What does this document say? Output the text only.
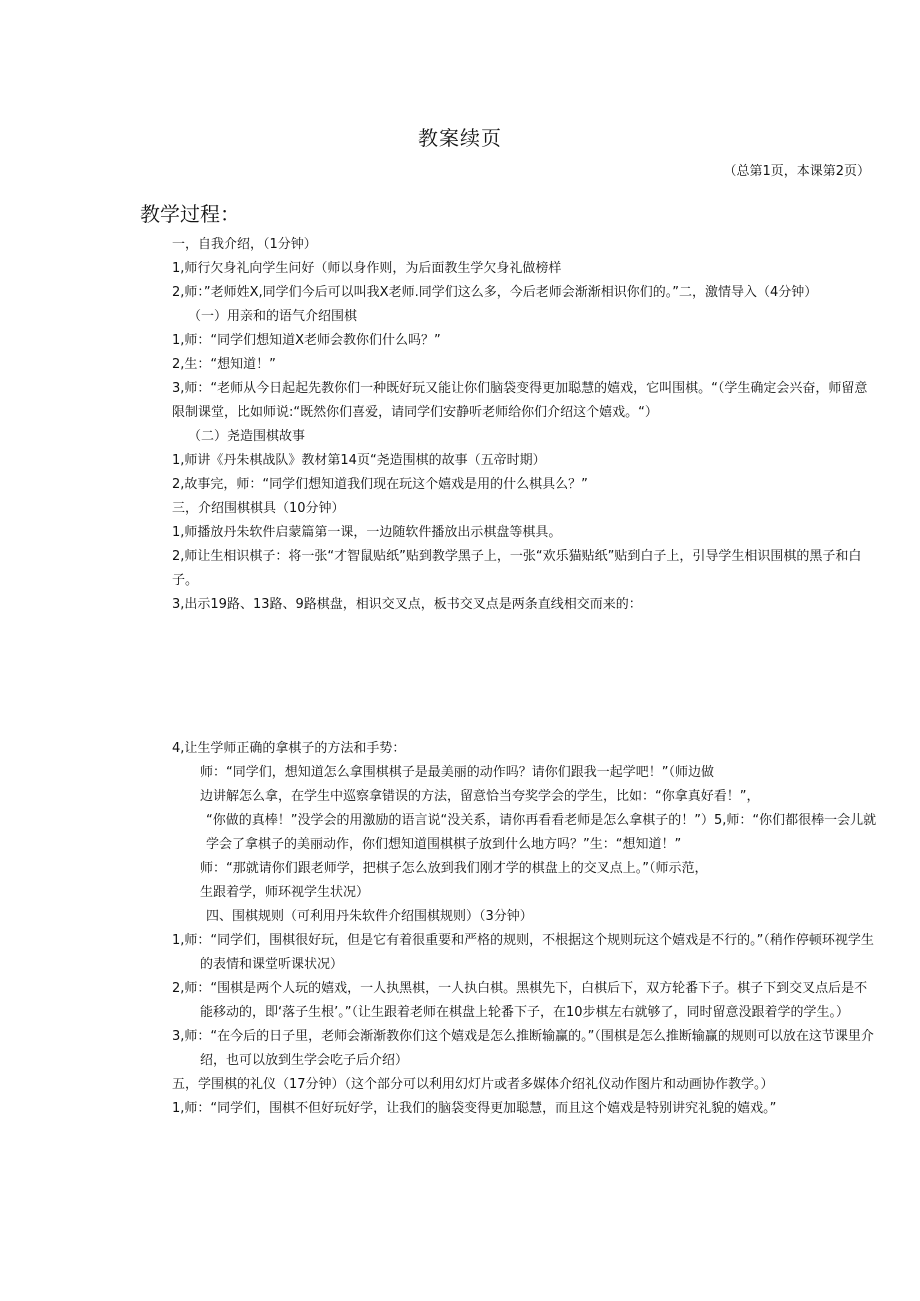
教案续页
（总第1页，本课第2页）
教学过程：

一，自我介绍，（1分钟）

1,师行欠身礼向学生问好（师以身作则，为后面教生学欠身礼做榜样

2,师：”老师姓X,同学们今后可以叫我X老师.同学们这么多，今后老师会渐渐相识你们的。”二，激情导入（4分钟）

（一）用亲和的语气介绍围棋

1,师：“同学们想知道X老师会教你们什么吗？”

2,生：“想知道！”

3,师：“老师从今日起起先教你们一种既好玩又能让你们脑袋变得更加聪慧的嬉戏，它叫围棋。“（学生确定会兴奋，师留意限制课堂，比如师说:“既然你们喜爱，请同学们安静听老师给你们介绍这个嬉戏。“）

（二）尧造围棋故事

1,师讲《丹朱棋战队》教材第14页“尧造围棋的故事（五帝时期）

2,故事完，师：“同学们想知道我们现在玩这个嬉戏是用的什么棋具么？”

三，介绍围棋棋具（10分钟）

1,师播放丹朱软件启蒙篇第一课，一边随软件播放出示棋盘等棋具。

2,师让生相识棋子：将一张“才智鼠贴纸”贴到教学黑子上，一张“欢乐猫贴纸”贴到白子上，引导学生相识围棋的黑子和白子。

3,出示19路、13路、9路棋盘，相识交叉点，板书交叉点是两条直线相交而来的：

4,让生学师正确的拿棋子的方法和手势：

师：“同学们，想知道怎么拿围棋棋子是最美丽的动作吗？请你们跟我一起学吧！”（师边做

边讲解怎么拿，在学生中巡察拿错误的方法，留意恰当夸奖学会的学生，比如：“你拿真好看！”，

“你做的真棒！”没学会的用激励的语言说“没关系，请你再看看老师是怎么拿棋子的！”）5,师：“你们都很棒一会儿就学会了拿棋子的美丽动作，你们想知道围棋棋子放到什么地方吗？”生：“想知道！”

师：“那就请你们跟老师学，把棋子怎么放到我们刚才学的棋盘上的交叉点上。”（师示范，

生跟着学，师环视学生状况）

四、围棋规则（可利用丹朱软件介绍围棋规则）（3分钟）

1,师：“同学们，围棋很好玩，但是它有着很重要和严格的规则，不根据这个规则玩这个嬉戏是不行的。”（稍作停顿环视学生的表情和课堂听课状况）

2,师：“围棋是两个人玩的嬉戏，一人执黑棋，一人执白棋。黑棋先下，白棋后下，双方轮番下子。棋子下到交叉点后是不能移动的，即‘落子生根’。”（让生跟着老师在棋盘上轮番下子，在10步棋左右就够了，同时留意没跟着学的学生。）

3,师：“在今后的日子里，老师会渐渐教你们这个嬉戏是怎么推断输赢的。”（围棋是怎么推断输赢的规则可以放在这节课里介绍，也可以放到生学会吃子后介绍）

五，学围棋的礼仪（17分钟）（这个部分可以利用幻灯片或者多媒体介绍礼仪动作图片和动画协作教学。）

1,师：“同学们，围棋不但好玩好学，让我们的脑袋变得更加聪慧，而且这个嬉戏是特别讲究礼貌的嬉戏。”
